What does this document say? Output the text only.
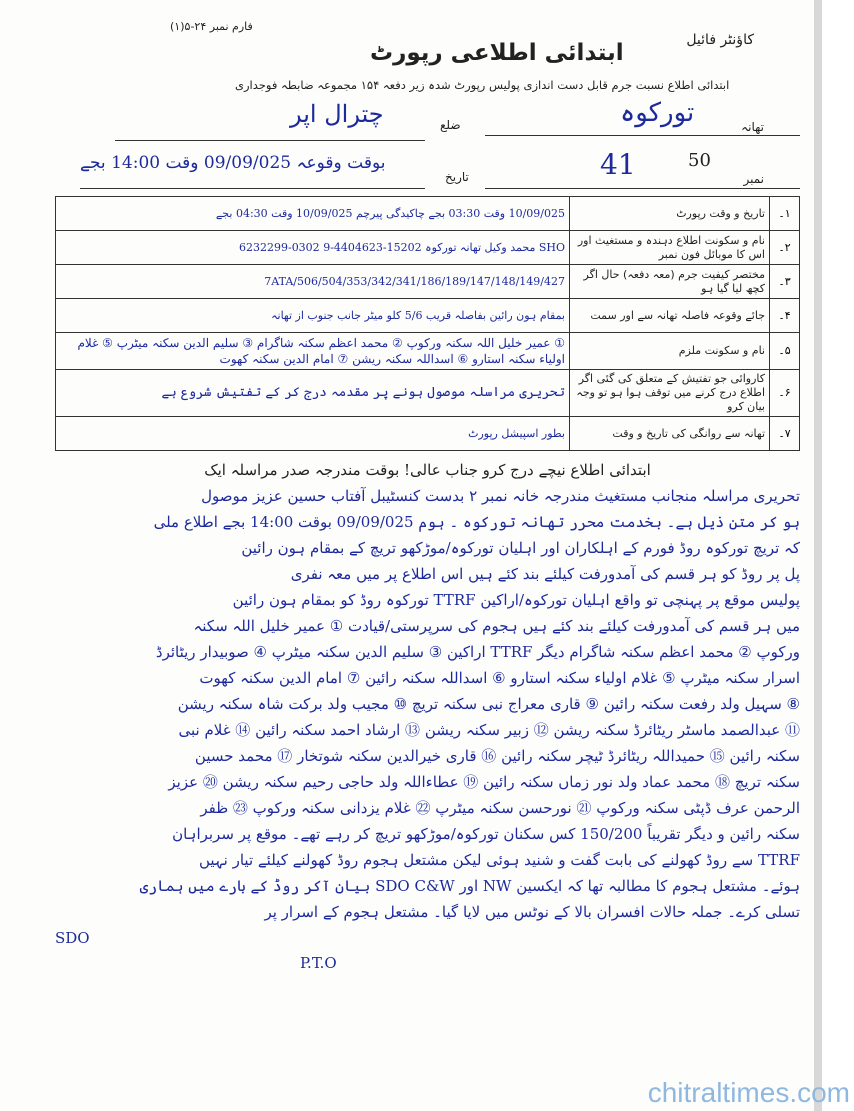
فارم نمبر ۲۴-۵(۱)
کاؤنٹر فائیل
ابتدائی اطلاعی رپورٹ
ابتدائی اطلاع نسبت جرم قابل دست اندازی پولیس رپورٹ شدہ زیر دفعہ ۱۵۴ مجموعہ ضابطہ فوجداری
تھانہ
تورکوہ
ضلع
چترال اپر
نمبر
41	50
تاریخ
بوقت وقوعہ 09/09/025 وقت 14:00 بجے
۱۔	تاریخ و وقت رپورٹ	10/09/025 وقت 03:30 بجے چاکیدگی پیرچم 10/09/025 وقت 04:30 بجے
۲۔	نام و سکونت اطلاع دہندہ و مستغیث اور اس کا موبائل فون نمبر	SHO محمد وکیل تھانہ تورکوہ 15202-4404623-9 0302-6232299
۳۔	مختصر کیفیت جرم (معہ دفعہ) حال اگر کچھ لیا گیا ہو	7ATA/506/504/353/342/341/186/189/147/148/149/427
۴۔	جائے وقوعہ فاصلہ تھانہ سے اور سمت	بمقام ہون رائین بفاصلہ قریب 5/6 کلو میٹر جانب جنوب از تھانہ
۵۔	نام و سکونت ملزم	① عمیر خلیل اللہ سکنہ ورکوپ ② محمد اعظم سکنہ شاگرام ③ سلیم الدین سکنہ میٹرپ ⑤ غلام اولیاء سکنہ استارو ⑥ اسداللہ سکنہ ریشن ⑦ امام الدین سکنہ کھوت
۶۔	کاروائی جو تفتیش کے متعلق کی گئی اگر اطلاع درج کرنے میں توقف ہوا ہو تو وجہ بیان کرو	تحریری مراسلہ موصول ہونے پر مقدمہ درج کر کے تفتیش شروع ہے
۷۔	تھانہ سے روانگی کی تاریخ و وقت	بطور اسپیشل رپورٹ
ابتدائی اطلاع نیچے درج کرو جناب عالی! بوقت مندرجہ صدر مراسلہ ایک
تحریری مراسلہ منجانب مستغیث مندرجہ خانہ نمبر ۲ بدست کنسٹیبل آفتاب حسین عزیز موصول
ہو کر متن ذیل ہے۔ بخدمت محرر تھانہ تورکوہ ۔ ہوم 09/09/025 بوقت 14:00 بجے اطلاع ملی
کہ تریچ تورکوہ روڈ فورم کے اہلکاران اور اہلیان تورکوہ/موڑکھو تریچ کے بمقام ہون رائین
پل پر روڈ کو ہر قسم کی آمدورفت کیلئے بند کئے ہیں اس اطلاع پر میں معہ نفری
پولیس موقع پر پہنچی تو واقع اہلیان تورکوہ/اراکین TTRF تورکوہ روڈ کو بمقام ہون رائین
میں ہر قسم کی آمدورفت کیلئے بند کئے ہیں ہجوم کی سرپرستی/قیادت ① عمیر خلیل اللہ سکنہ
ورکوپ ② محمد اعظم سکنہ شاگرام دیگر TTRF اراکین ③ سلیم الدین سکنہ میٹرپ ④ صوبیدار ریٹائرڈ
اسرار سکنہ میٹرپ ⑤ غلام اولیاء سکنہ استارو ⑥ اسداللہ سکنہ رائین ⑦ امام الدین سکنہ کھوت
⑧ سہیل ولد رفعت سکنہ رائین ⑨ قاری معراج نبی سکنہ تریچ ⑩ مجیب ولد برکت شاہ سکنہ ریشن
⑪ عبدالصمد ماسٹر ریٹائرڈ سکنہ ریشن ⑫ زبیر سکنہ ریشن ⑬ ارشاد احمد سکنہ رائین ⑭ غلام نبی
سکنہ رائین ⑮ حمیداللہ ریٹائرڈ ٹیچر سکنہ رائین ⑯ قاری خیرالدین سکنہ شوتخار ⑰ محمد حسین
سکنہ تریچ ⑱ محمد عماد ولد نور زماں سکنہ رائین ⑲ عطاءاللہ ولد حاجی رحیم سکنہ ریشن ⑳ عزیز
الرحمن عرف ڈپٹی سکنہ ورکوپ ㉑ نورحسن سکنہ میٹرپ ㉒ غلام یزدانی سکنہ ورکوپ ㉓ ظفر
سکنہ رائین و دیگر تقریباً 150/200 کس سکنان تورکوہ/موڑکھو تریچ کر رہے تھے۔ موقع پر سربراہان
TTRF سے روڈ کھولنے کی بابت گفت و شنید ہوئی لیکن مشتعل ہجوم روڈ کھولنے کیلئے تیار نہیں
ہوئے۔ مشتعل ہجوم کا مطالبہ تھا کہ ایکسین NW اور SDO C&W بیان آکر روڈ کے بارے میں ہماری
تسلی کرے۔ جملہ حالات افسران بالا کے نوٹس میں لایا گیا۔ مشتعل ہجوم کے اسرار پر
SDO
P.T.O
chitraltimes.com
